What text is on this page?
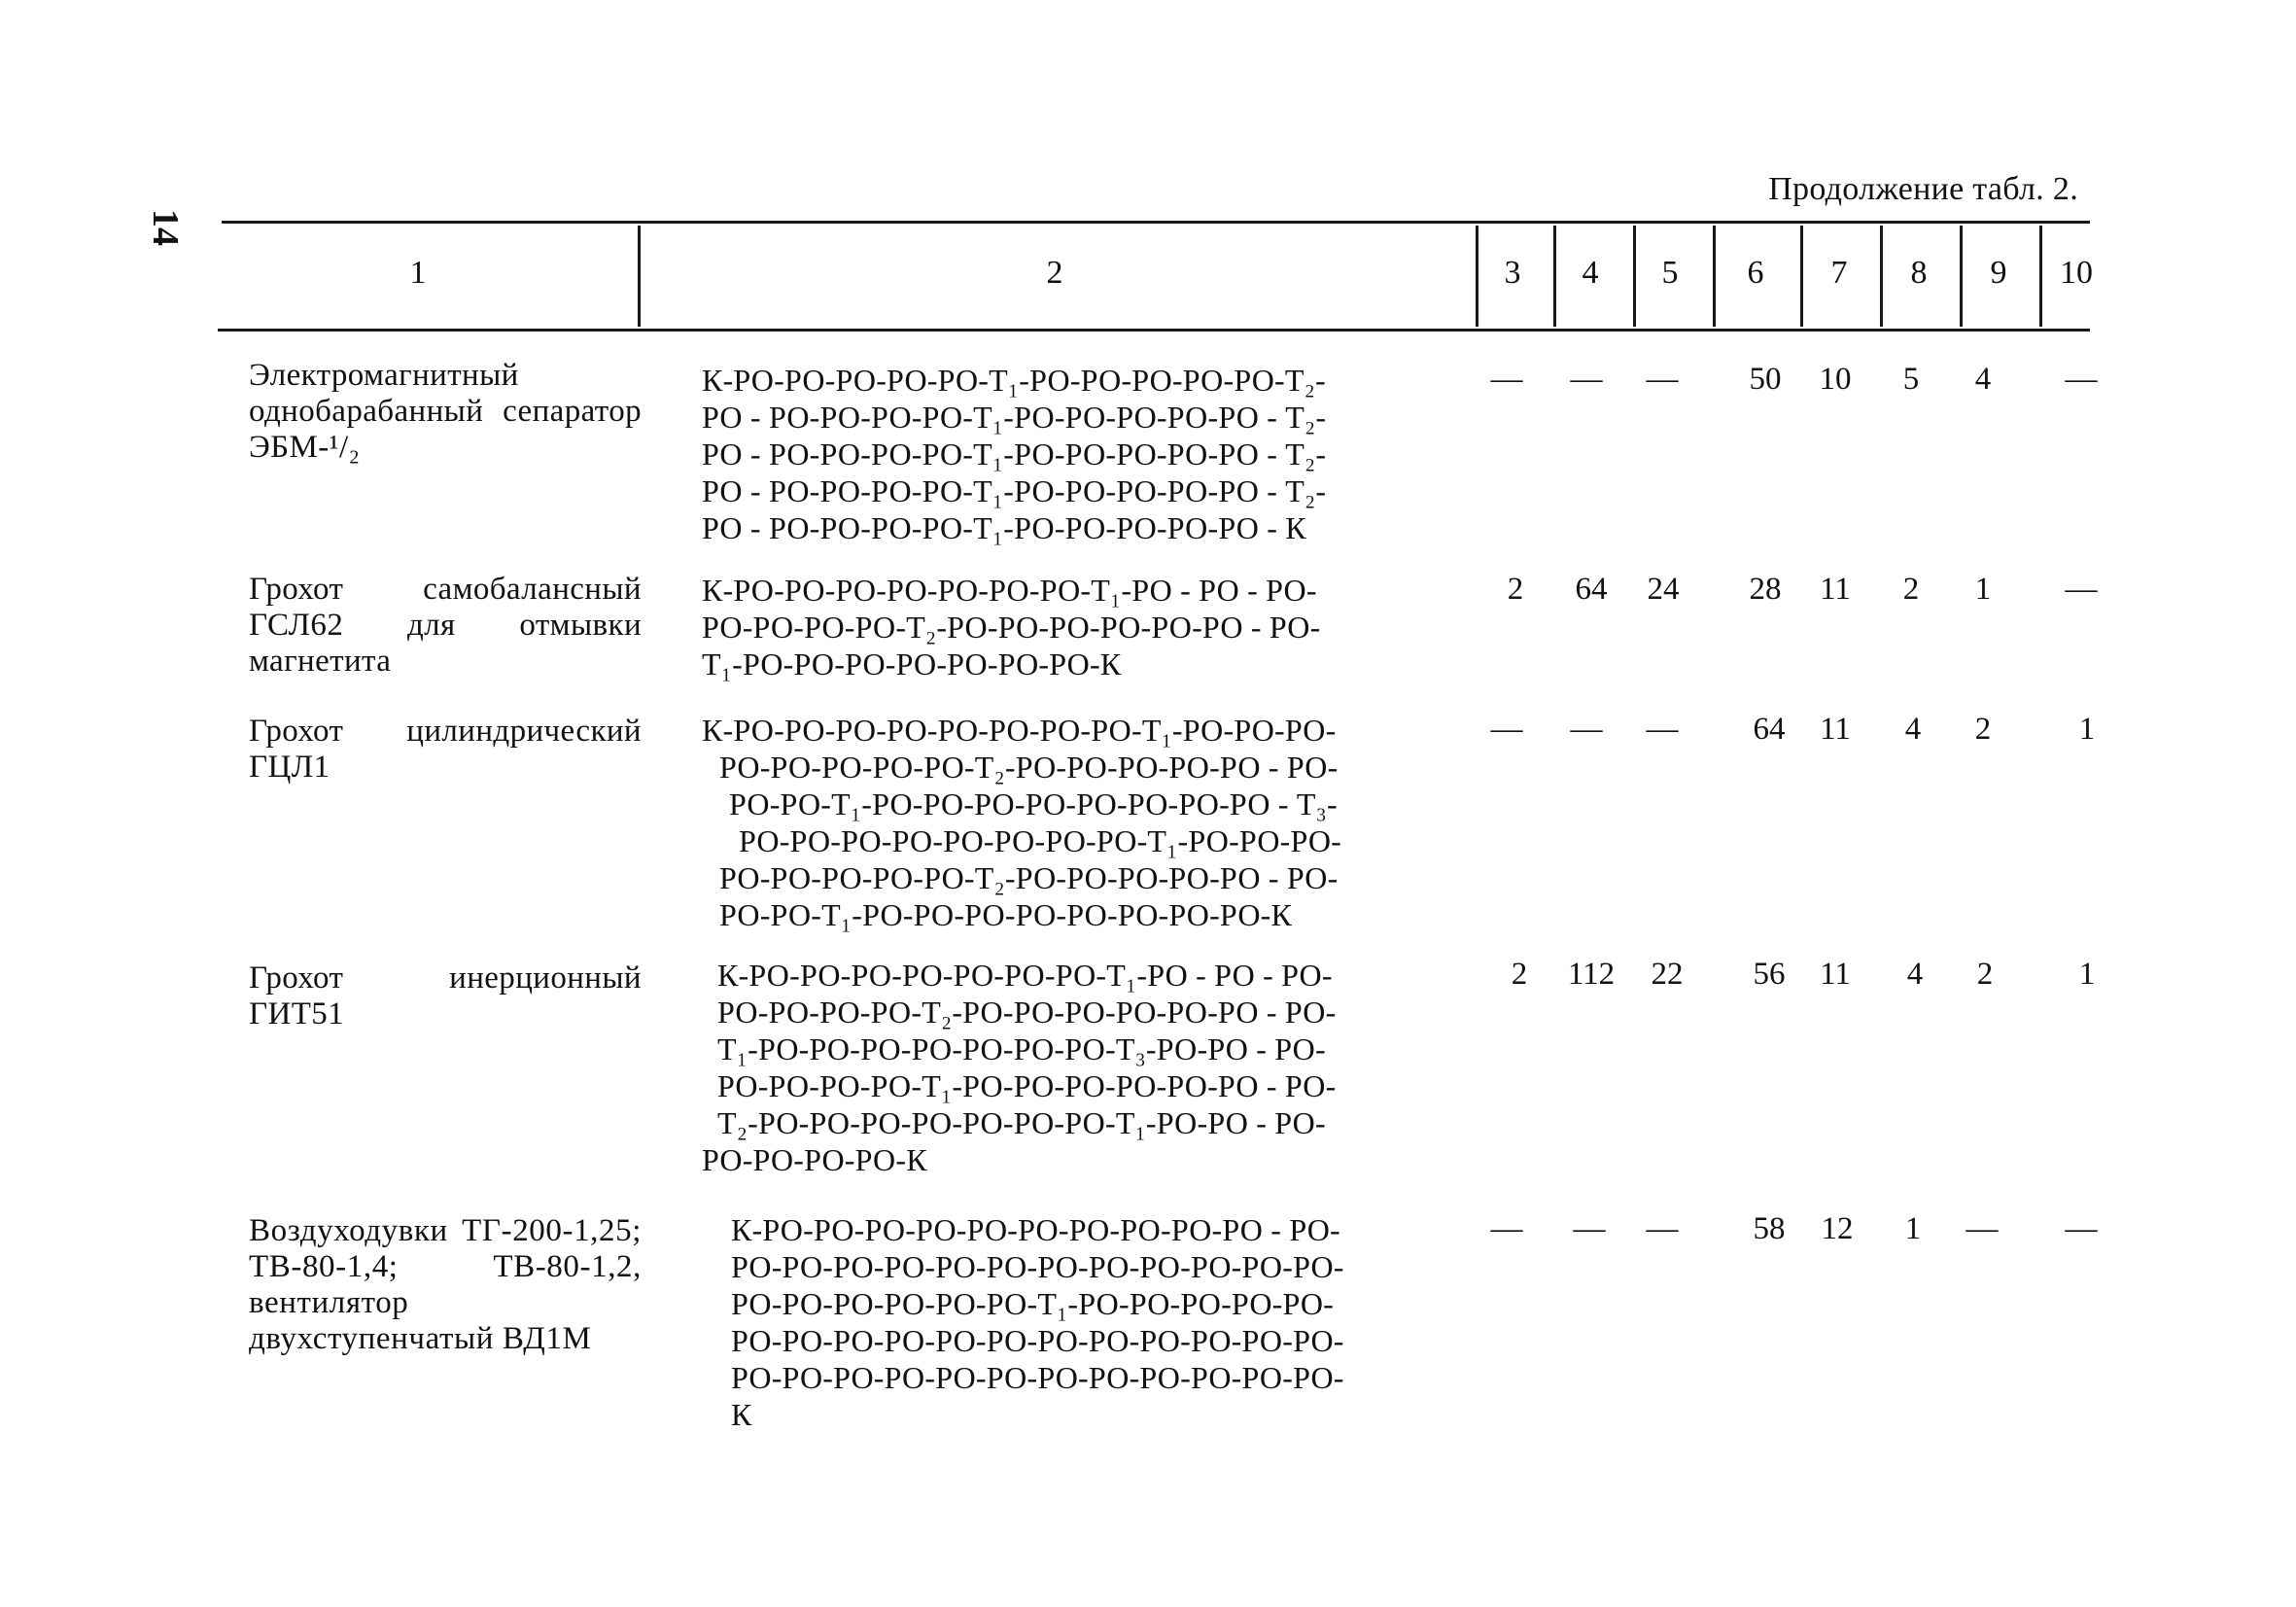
14
Продолжение табл. 2.
1	2	3	4	5	6	7	8	9	10
Электромагнитный однобарабанный сепаратор ЭБМ-¹/₂
К-РО-РО-РО-РО-РО-Т₁-РО-РО-РО-РО-РО-Т₂-
РО - РО-РО-РО-РО-Т₁-РО-РО-РО-РО-РО - Т₂-
РО - РО-РО-РО-РО-Т₁-РО-РО-РО-РО-РО - Т₂-
РО - РО-РО-РО-РО-Т₁-РО-РО-РО-РО-РО - Т₂-
РО - РО-РО-РО-РО-Т₁-РО-РО-РО-РО-РО - К
—	—	—	50	10	5	4	—
Грохот самобалансный ГСЛ62 для отмывки магнетита
К-РО-РО-РО-РО-РО-РО-РО-Т₁-РО - РО - РО-
РО-РО-РО-РО-Т₂-РО-РО-РО-РО-РО-РО - РО-
Т₁-РО-РО-РО-РО-РО-РО-РО-К
2	64	24	28	11	2	1	—
Грохот цилиндрический ГЦЛ1
К-РО-РО-РО-РО-РО-РО-РО-РО-Т₁-РО-РО-РО-
РО-РО-РО-РО-РО-Т₂-РО-РО-РО-РО-РО - РО-
РО-РО-Т₁-РО-РО-РО-РО-РО-РО-РО-РО - Т₃-
РО-РО-РО-РО-РО-РО-РО-РО-Т₁-РО-РО-РО-
РО-РО-РО-РО-РО-Т₂-РО-РО-РО-РО-РО - РО-
РО-РО-Т₁-РО-РО-РО-РО-РО-РО-РО-РО-К
—	—	—	64	11	4	2	1
Грохот инерционный ГИТ51
К-РО-РО-РО-РО-РО-РО-РО-Т₁-РО - РО - РО-
РО-РО-РО-РО-Т₂-РО-РО-РО-РО-РО-РО - РО-
Т₁-РО-РО-РО-РО-РО-РО-РО-Т₃-РО-РО - РО-
РО-РО-РО-РО-Т₁-РО-РО-РО-РО-РО-РО - РО-
Т₂-РО-РО-РО-РО-РО-РО-РО-Т₁-РО-РО - РО-
РО-РО-РО-РО-К
2	112	22	56	11	4	2	1
Воздуходувки ТГ-200-1,25; ТВ-80-1,4; ТВ-80-1,2, вентилятор двухступенчатый ВД1М
К-РО-РО-РО-РО-РО-РО-РО-РО-РО-РО - РО-
РО-РО-РО-РО-РО-РО-РО-РО-РО-РО-РО-РО-
РО-РО-РО-РО-РО-РО-Т₁-РО-РО-РО-РО-РО-
РО-РО-РО-РО-РО-РО-РО-РО-РО-РО-РО-РО-
РО-РО-РО-РО-РО-РО-РО-РО-РО-РО-РО-РО-
К
—	—	—	58	12	1	—	—
